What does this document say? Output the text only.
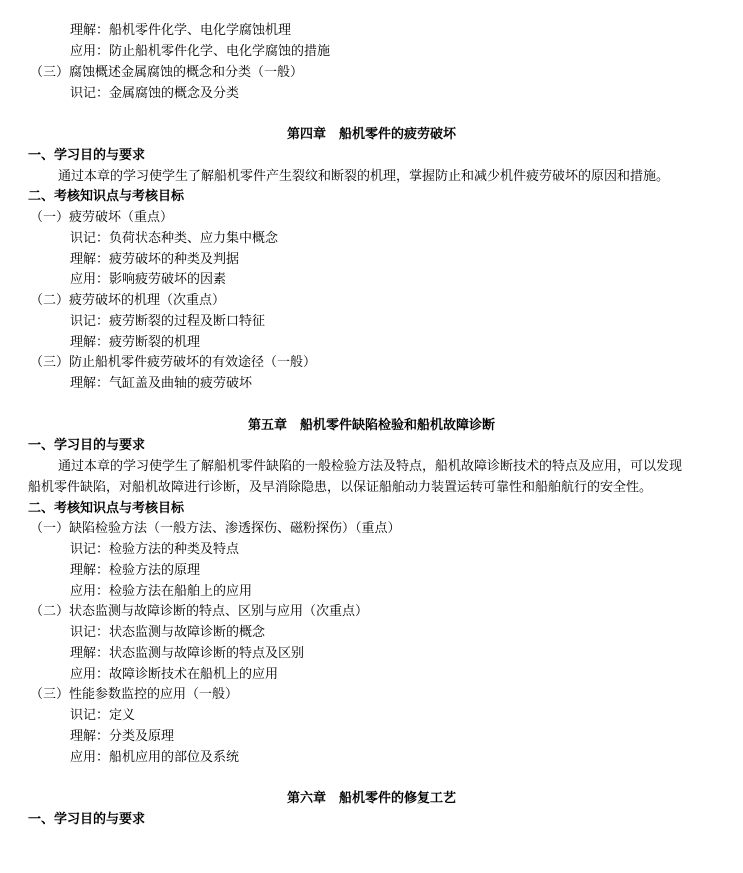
理解：船机零件化学、电化学腐蚀机理
应用：防止船机零件化学、电化学腐蚀的措施
（三）腐蚀概述金属腐蚀的概念和分类（一般）
识记：金属腐蚀的概念及分类
第四章　船机零件的疲劳破坏
一、学习目的与要求
通过本章的学习使学生了解船机零件产生裂纹和断裂的机理，掌握防止和减少机件疲劳破坏的原因和措施。
二、考核知识点与考核目标
（一）疲劳破坏（重点）
识记：负荷状态种类、应力集中概念
理解：疲劳破坏的种类及判据
应用：影响疲劳破坏的因素
（二）疲劳破坏的机理（次重点）
识记：疲劳断裂的过程及断口特征
理解：疲劳断裂的机理
（三）防止船机零件疲劳破坏的有效途径（一般）
理解：气缸盖及曲轴的疲劳破坏
第五章　船机零件缺陷检验和船机故障诊断
一、学习目的与要求
通过本章的学习使学生了解船机零件缺陷的一般检验方法及特点，船机故障诊断技术的特点及应用，可以发现
船机零件缺陷，对船机故障进行诊断，及早消除隐患，以保证船舶动力装置运转可靠性和船舶航行的安全性。
二、考核知识点与考核目标
（一）缺陷检验方法（一般方法、渗透探伤、磁粉探伤）（重点）
识记：检验方法的种类及特点
理解：检验方法的原理
应用：检验方法在船舶上的应用
（二）状态监测与故障诊断的特点、区别与应用（次重点）
识记：状态监测与故障诊断的概念
理解：状态监测与故障诊断的特点及区别
应用：故障诊断技术在船机上的应用
（三）性能参数监控的应用（一般）
识记：定义
理解：分类及原理
应用：船机应用的部位及系统
第六章　船机零件的修复工艺
一、学习目的与要求
